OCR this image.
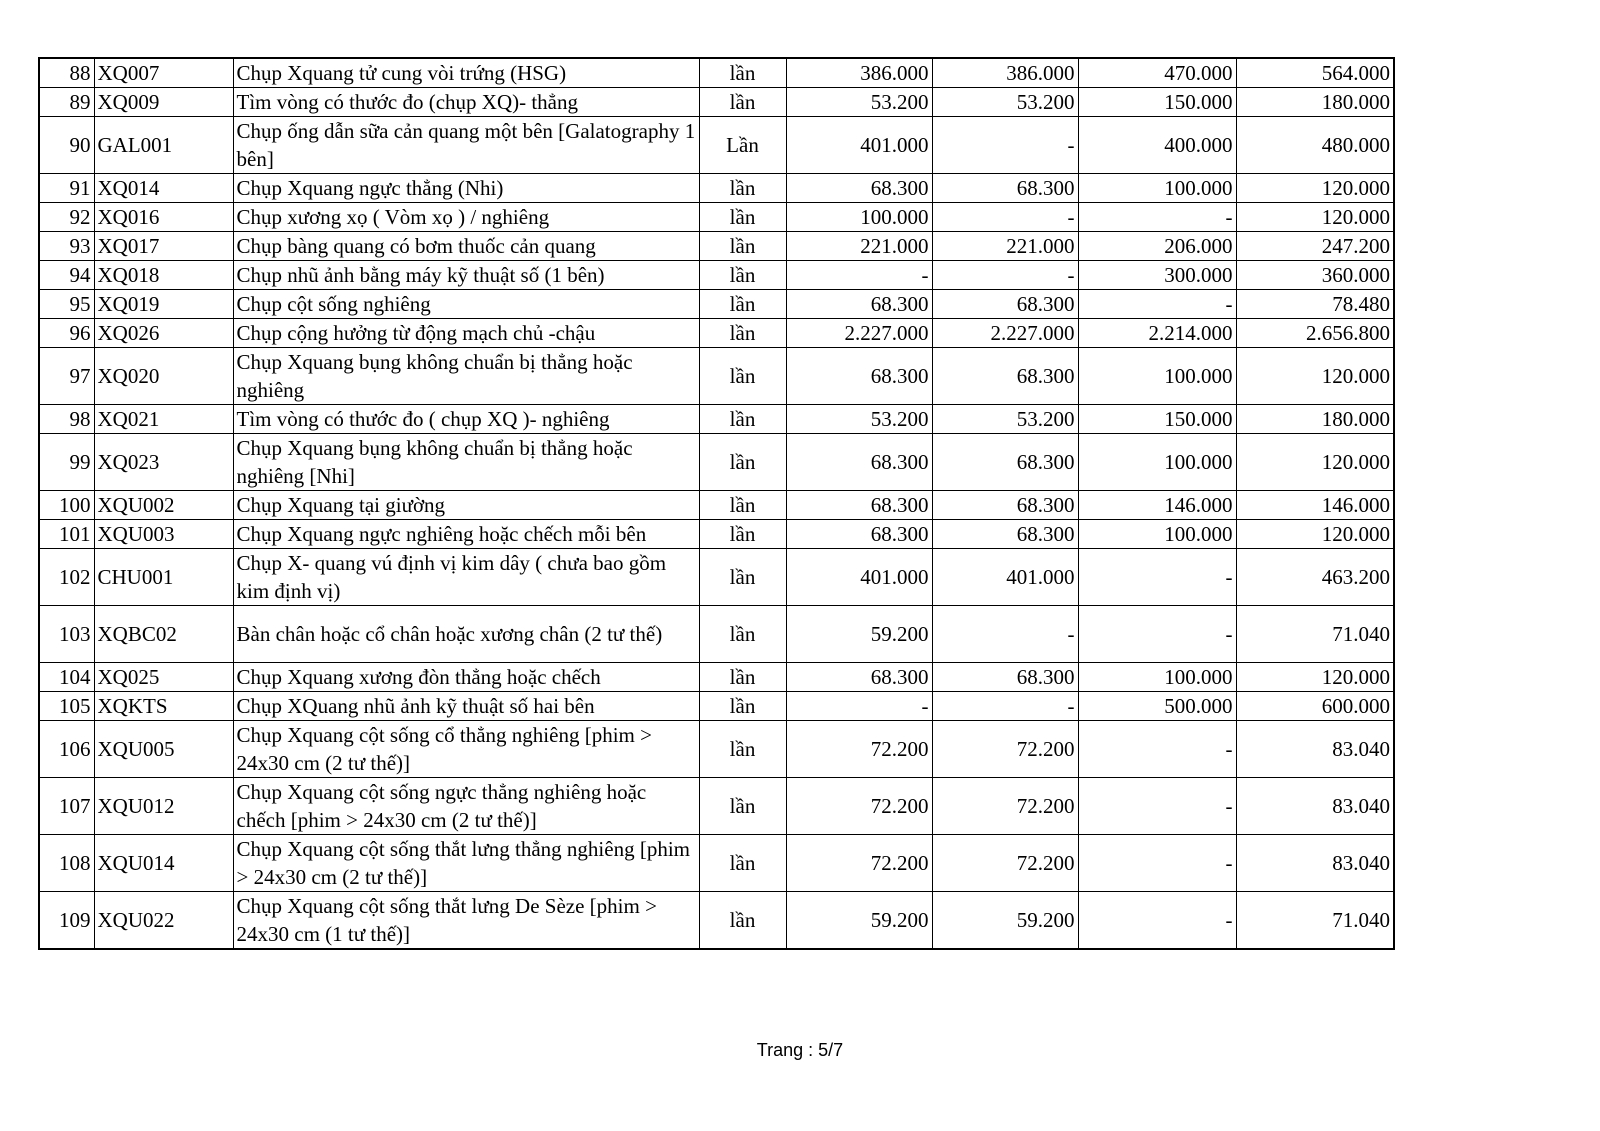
88	XQ007	Chụp Xquang tử cung vòi trứng (HSG)	lần	386.000	386.000	470.000	564.000
89	XQ009	Tìm vòng có thước đo (chụp XQ)- thẳng	lần	53.200	53.200	150.000	180.000
90	GAL001	Chụp ống dẫn sữa cản quang một bên [Galatography 1 bên]	Lần	401.000	-	400.000	480.000
91	XQ014	Chụp Xquang ngực thẳng (Nhi)	lần	68.300	68.300	100.000	120.000
92	XQ016	Chụp xương xọ ( Vòm xọ ) / nghiêng	lần	100.000	-	-	120.000
93	XQ017	Chụp bàng quang có bơm thuốc cản quang	lần	221.000	221.000	206.000	247.200
94	XQ018	Chụp nhũ ảnh bằng máy kỹ thuật số (1 bên)	lần	-	-	300.000	360.000
95	XQ019	Chụp cột sống nghiêng	lần	68.300	68.300	-	78.480
96	XQ026	Chụp cộng hưởng từ động mạch chủ -chậu	lần	2.227.000	2.227.000	2.214.000	2.656.800
97	XQ020	Chụp Xquang bụng không chuẩn bị thẳng hoặc nghiêng	lần	68.300	68.300	100.000	120.000
98	XQ021	Tìm vòng có thước đo ( chụp XQ )- nghiêng	lần	53.200	53.200	150.000	180.000
99	XQ023	Chụp Xquang bụng không chuẩn bị thẳng hoặc nghiêng [Nhi]	lần	68.300	68.300	100.000	120.000
100	XQU002	Chụp Xquang tại giường	lần	68.300	68.300	146.000	146.000
101	XQU003	Chụp Xquang ngực nghiêng hoặc chếch mỗi bên	lần	68.300	68.300	100.000	120.000
102	CHU001	Chụp X- quang vú định vị kim dây ( chưa bao gồm kim định vị)	lần	401.000	401.000	-	463.200
103	XQBC02	Bàn chân hoặc cổ chân hoặc xương chân (2 tư thế)	lần	59.200	-	-	71.040
104	XQ025	Chụp Xquang xương đòn thẳng hoặc chếch	lần	68.300	68.300	100.000	120.000
105	XQKTS	Chụp XQuang nhũ ảnh kỹ thuật số hai bên	lần	-	-	500.000	600.000
106	XQU005	Chụp Xquang cột sống cổ thẳng nghiêng [phim > 24x30 cm (2 tư thế)]	lần	72.200	72.200	-	83.040
107	XQU012	Chụp Xquang cột sống ngực thẳng nghiêng hoặc chếch [phim > 24x30 cm (2 tư thế)]	lần	72.200	72.200	-	83.040
108	XQU014	Chụp Xquang cột sống thắt lưng thẳng nghiêng [phim > 24x30 cm (2 tư thế)]	lần	72.200	72.200	-	83.040
109	XQU022	Chụp Xquang cột sống thắt lưng De Sèze [phim > 24x30 cm (1 tư thế)]	lần	59.200	59.200	-	71.040
Trang : 5/7
